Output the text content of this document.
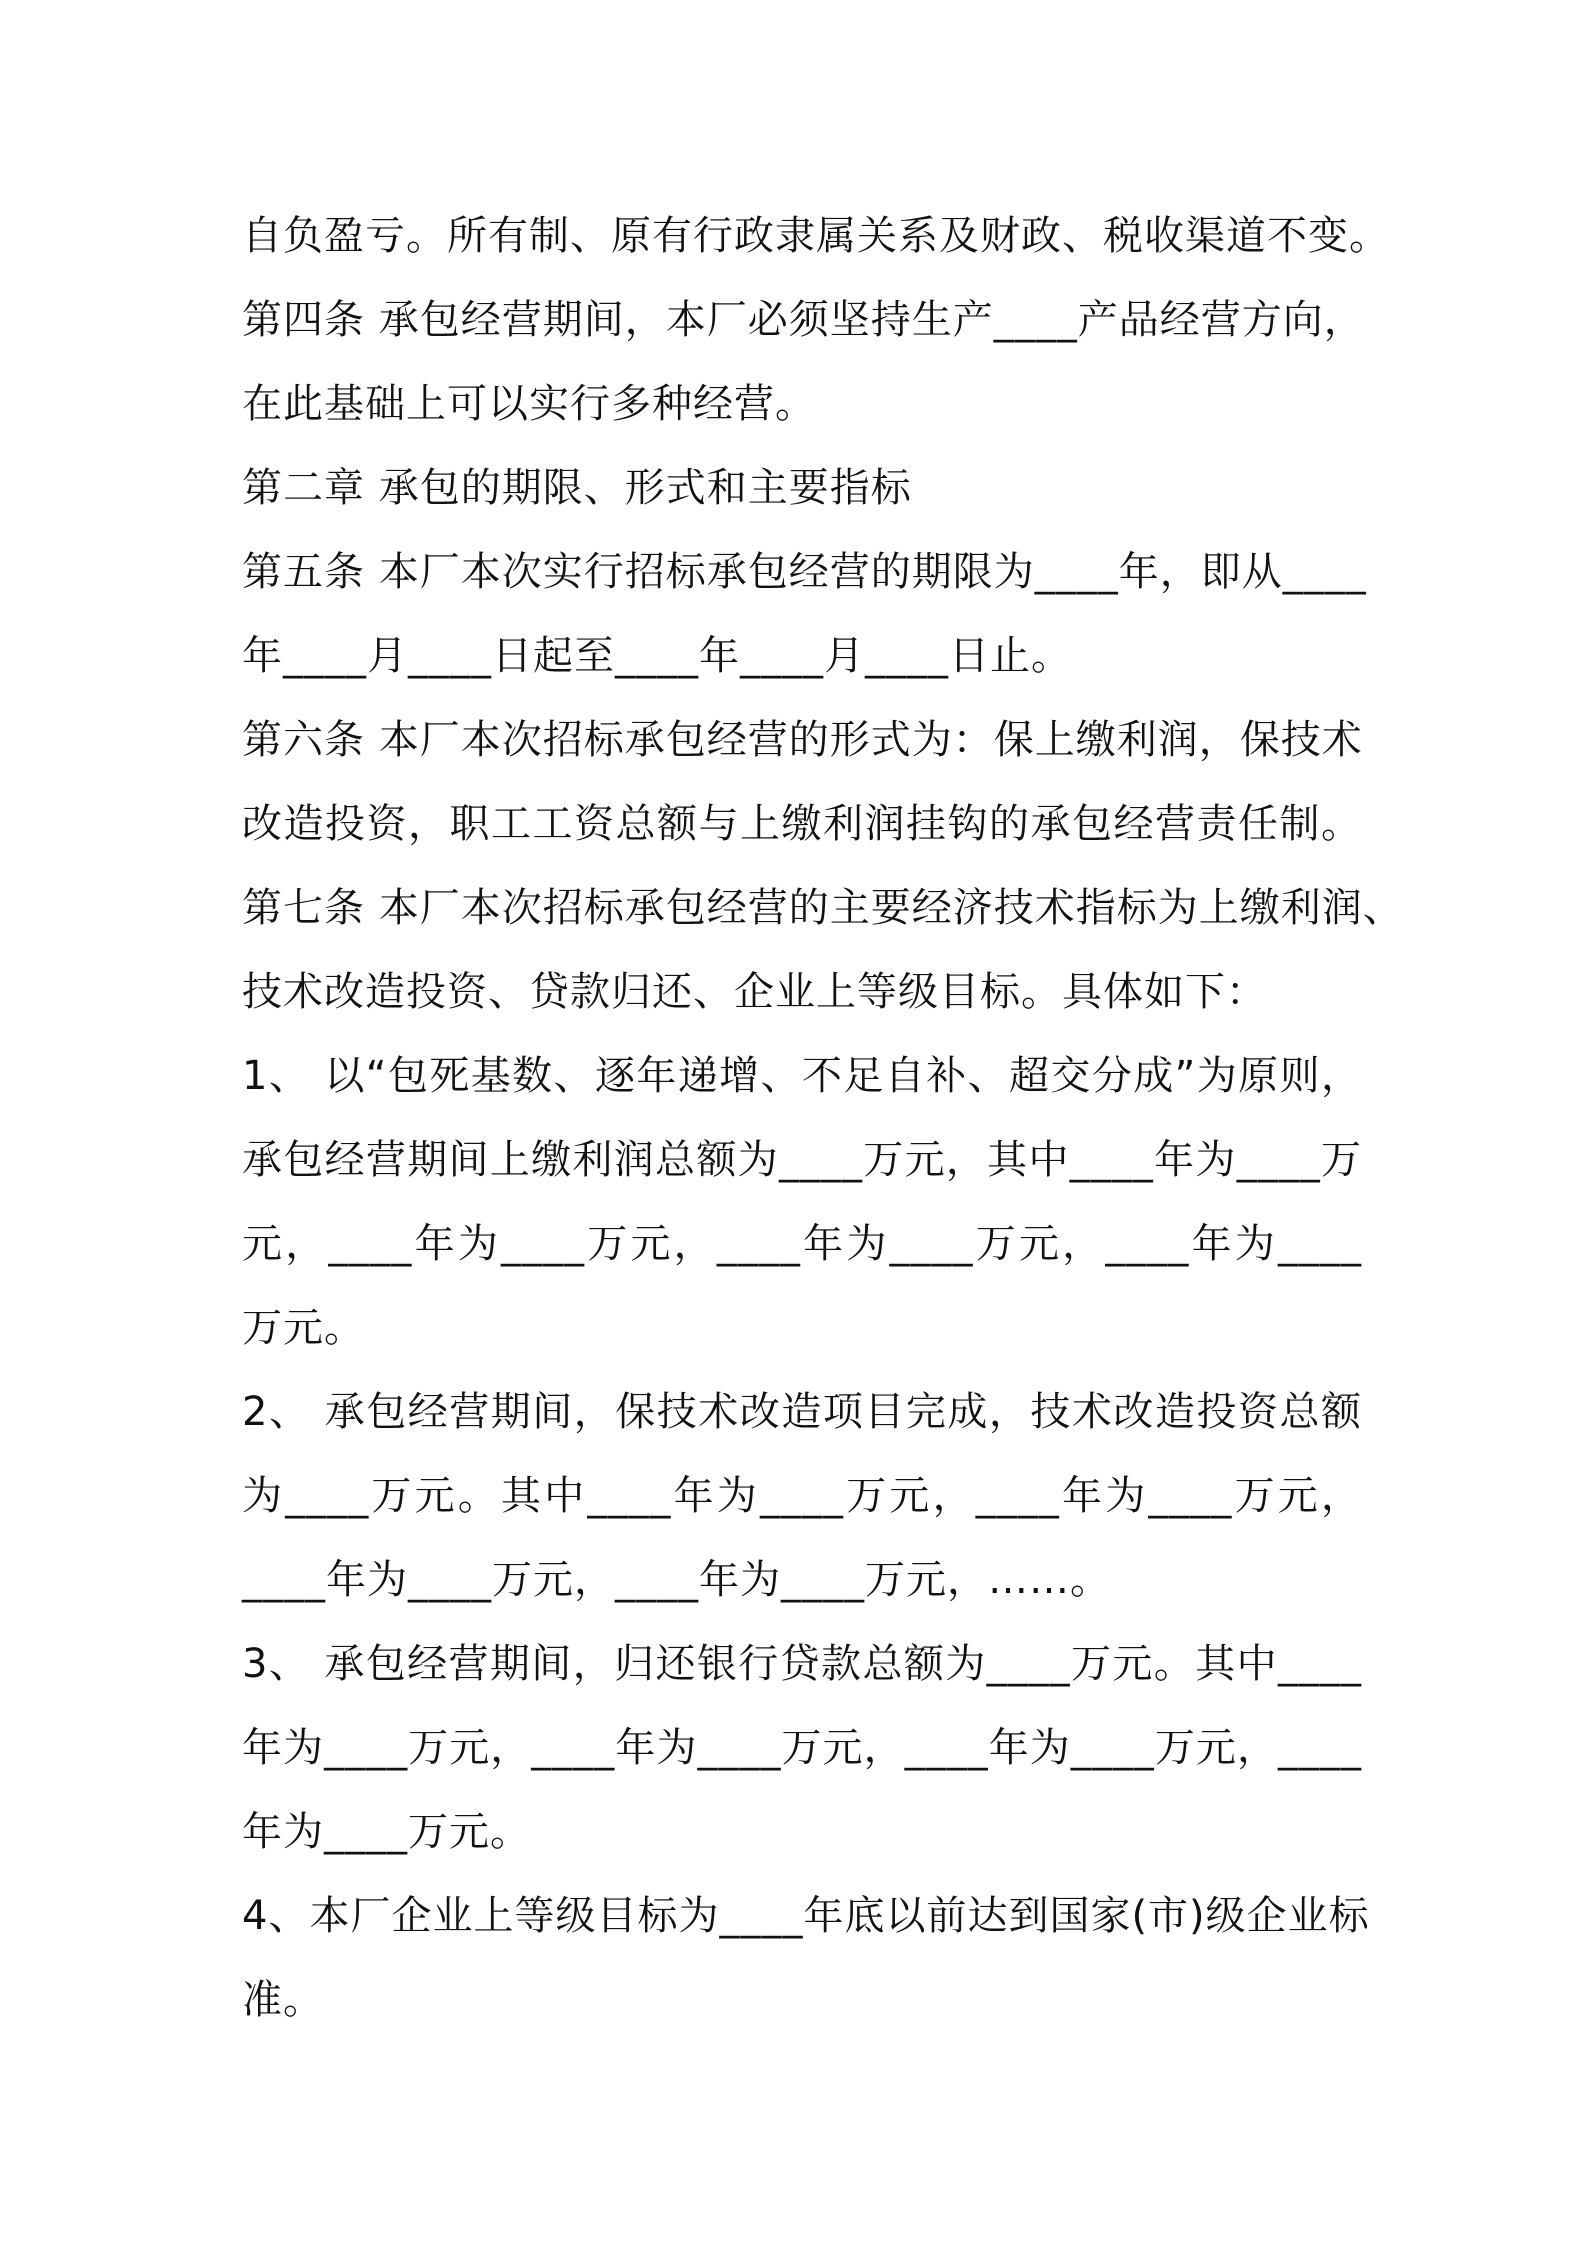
自负盈亏。所有制、原有行政隶属关系及财政、税收渠道不变。
第四条 承包经营期间，本厂必须坚持生产____产品经营方向，
在此基础上可以实行多种经营。
第二章 承包的期限、形式和主要指标
第五条 本厂本次实行招标承包经营的期限为____年，即从____
年____月____日起至____年____月____日止。
第六条 本厂本次招标承包经营的形式为：保上缴利润，保技术
改造投资，职工工资总额与上缴利润挂钩的承包经营责任制。
第七条 本厂本次招标承包经营的主要经济技术指标为上缴利润、
技术改造投资、贷款归还、企业上等级目标。具体如下：
1、 以“包死基数、逐年递增、不足自补、超交分成”为原则，
承包经营期间上缴利润总额为____万元，其中____年为____万
元，____年为____万元，____年为____万元，____年为____
万元。
2、 承包经营期间，保技术改造项目完成，技术改造投资总额
为____万元。其中____年为____万元，____年为____万元，
____年为____万元，____年为____万元，……。
3、 承包经营期间，归还银行贷款总额为____万元。其中____
年为____万元，____年为____万元，____年为____万元，____
年为____万元。
4、本厂企业上等级目标为____年底以前达到国家(市)级企业标
准。
